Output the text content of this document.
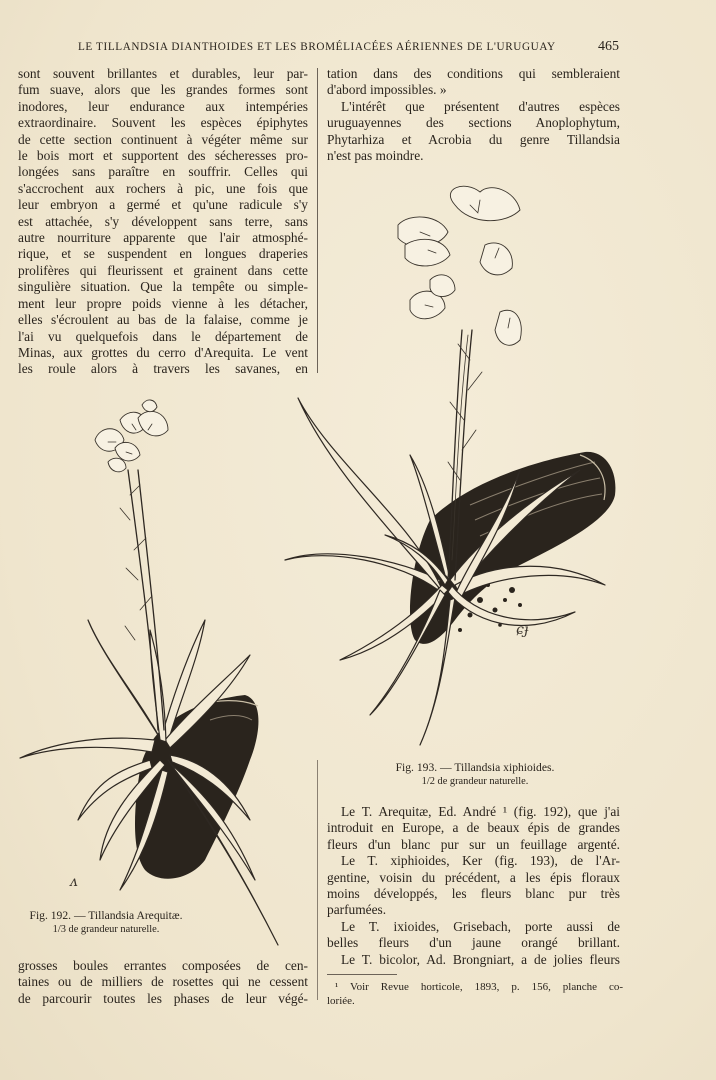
LE TILLANDSIA DIANTHOIDES ET LES BROMÉLIACÉES AÉRIENNES DE L'URUGUAY	465
sont souvent brillantes et durables, leur par-
fum suave, alors que les grandes formes sont
inodores, leur endurance aux intempéries
extraordinaire. Souvent les espèces épiphytes
de cette section continuent à végéter même sur
le bois mort et supportent des sécheresses pro-
longées sans paraître en souffrir. Celles qui
s'accrochent aux rochers à pic, une fois que
leur embryon a germé et qu'une radicule s'y
est attachée, s'y développent sans terre, sans
autre nourriture apparente que l'air atmosphé-
rique, et se suspendent en longues draperies
prolifères qui fleurissent et grainent dans cette
singulière situation. Que la tempête ou simple-
ment leur propre poids vienne à les détacher,
elles s'écroulent au bas de la falaise, comme je
l'ai vu quelquefois dans le département de
Minas, aux grottes du cerro d'Arequita. Le vent
les roule alors à travers les savanes, en
tation dans des conditions qui sembleraient
d'abord impossibles. »
L'intérêt que présentent d'autres espèces
uruguayennes des sections Anoplophytum,
Phytarhiza et Acrobia du genre Tillandsia
n'est pas moindre.
ɕɟ
Fig. 193. — Tillandsia xiphioides.
1/2 de grandeur naturelle.
ᴧ
Fig. 192. — Tillandsia Arequitæ.
1/3 de grandeur naturelle.
Le T. Arequitæ, Ed. André ¹ (fig. 192), que j'ai
introduit en Europe, a de beaux épis de grandes
fleurs d'un blanc pur sur un feuillage argenté.
Le T. xiphioides, Ker (fig. 193), de l'Ar-
gentine, voisin du précédent, a les épis floraux
moins développés, les fleurs blanc pur très
parfumées.
Le T. ixioides, Grisebach, porte aussi de
belles fleurs d'un jaune orangé brillant.
Le T. bicolor, Ad. Brongniart, a de jolies fleurs
grosses boules errantes composées de cen-
taines ou de milliers de rosettes qui ne cessent
de parcourir toutes les phases de leur végé-
¹ Voir Revue horticole, 1893, p. 156, planche co-
loriée.
